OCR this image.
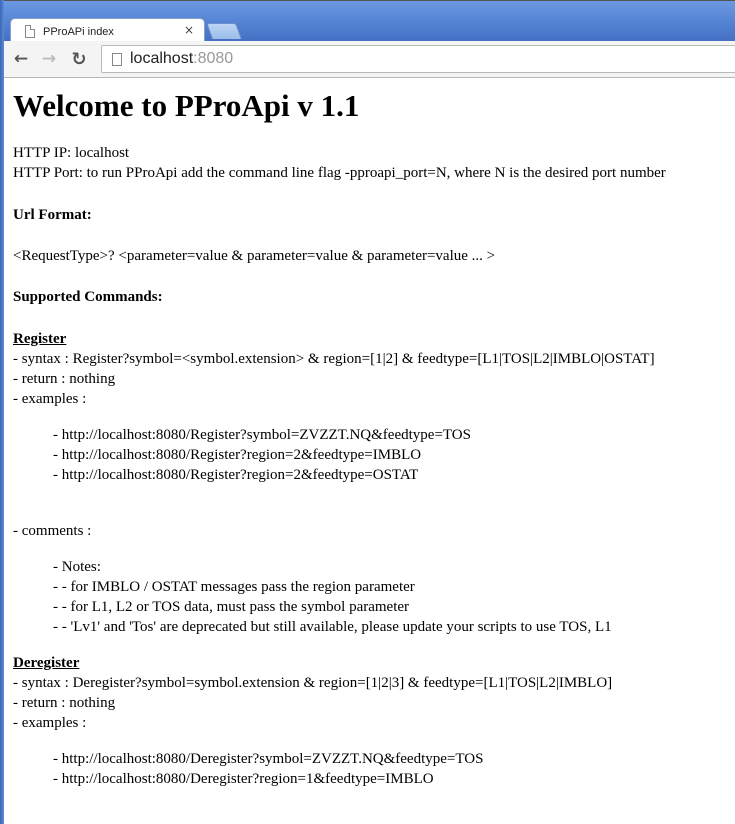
PProAPi index	×
← → ↻	localhost :8080
Welcome to PProApi v 1.1
HTTP IP: localhost
HTTP Port: to run PProApi add the command line flag -pproapi_port=N, where N is the desired port number
Url Format:
<RequestType>? <parameter=value & parameter=value & parameter=value ... >
Supported Commands:
Register
- syntax : Register?symbol=<symbol.extension> & region=[1|2] & feedtype=[L1|TOS|L2|IMBLO|OSTAT]
- return : nothing
- examples :
- http://localhost:8080/Register?symbol=ZVZZT.NQ&feedtype=TOS
- http://localhost:8080/Register?region=2&feedtype=IMBLO
- http://localhost:8080/Register?region=2&feedtype=OSTAT
- comments :
- Notes:
- - for IMBLO / OSTAT messages pass the region parameter
- - for L1, L2 or TOS data, must pass the symbol parameter
- - 'Lv1' and 'Tos' are deprecated but still available, please update your scripts to use TOS, L1
Deregister
- syntax : Deregister?symbol=symbol.extension & region=[1|2|3] & feedtype=[L1|TOS|L2|IMBLO]
- return : nothing
- examples :
- http://localhost:8080/Deregister?symbol=ZVZZT.NQ&feedtype=TOS
- http://localhost:8080/Deregister?region=1&feedtype=IMBLO
